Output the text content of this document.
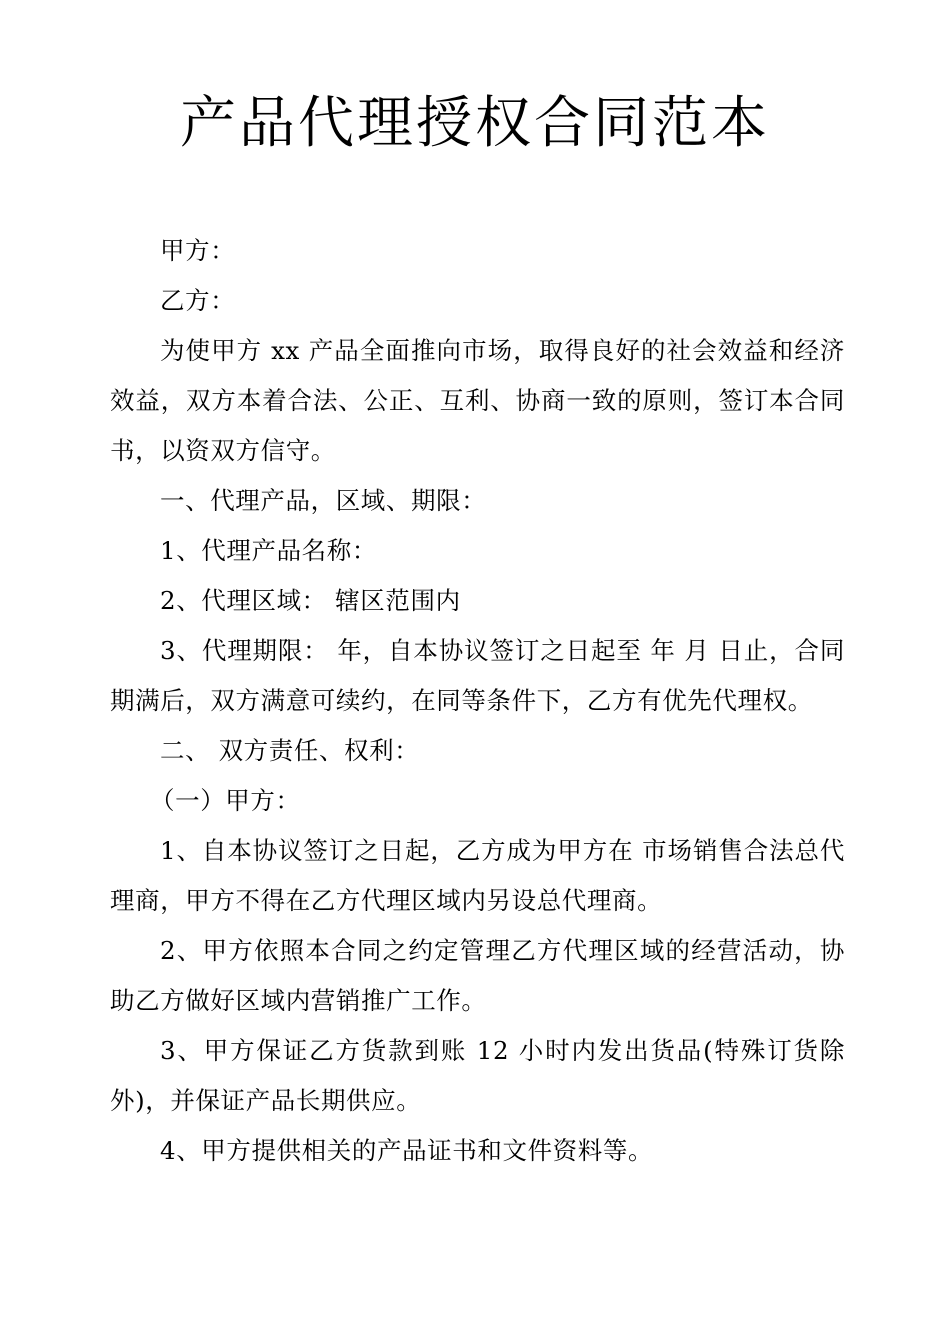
产品代理授权合同范本

甲方：

乙方：

为使甲方 xx 产品全面推向市场，取得良好的社会效益和经济效益，双方本着合法、公正、互利、协商一致的原则，签订本合同书，以资双方信守。

一、代理产品，区域、期限：

1、代理产品名称：

2、代理区域： 辖区范围内

3、代理期限： 年，自本协议签订之日起至 年 月 日止，合同期满后，双方满意可续约，在同等条件下，乙方有优先代理权。

二、 双方责任、权利：

（一）甲方：

1、自本协议签订之日起，乙方成为甲方在 市场销售合法总代理商，甲方不得在乙方代理区域内另设总代理商。

2、甲方依照本合同之约定管理乙方代理区域的经营活动，协助乙方做好区域内营销推广工作。

3、甲方保证乙方货款到账 12 小时内发出货品(特殊订货除外)，并保证产品长期供应。

4、甲方提供相关的产品证书和文件资料等。
